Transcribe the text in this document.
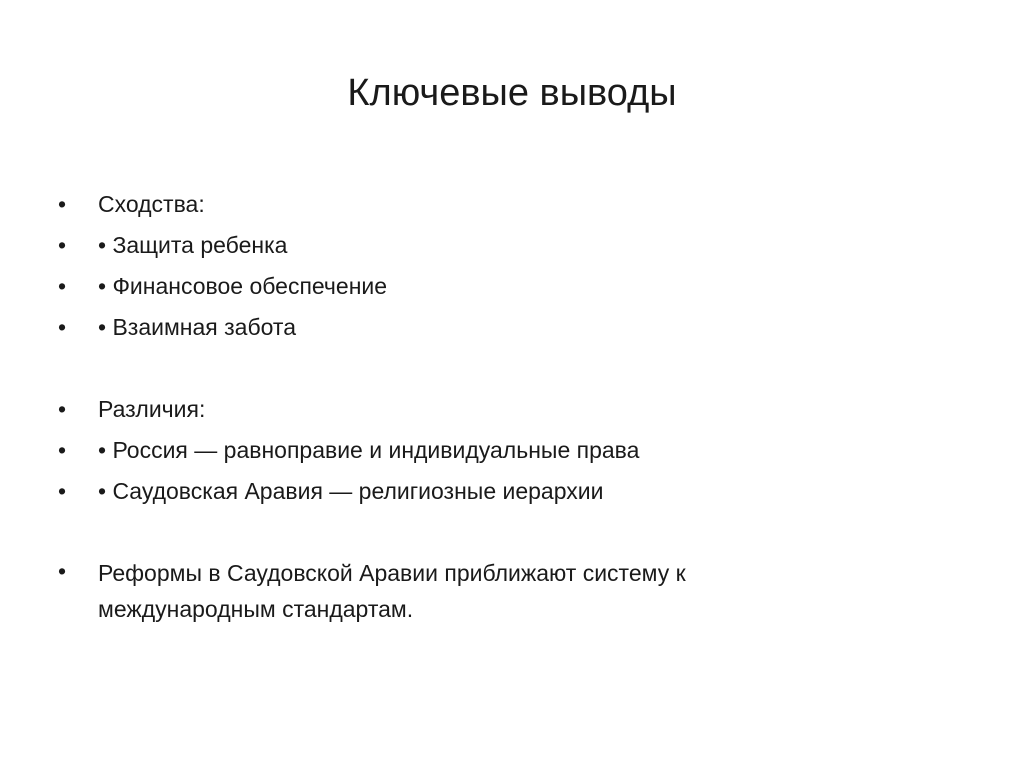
Ключевые выводы
• Сходства:
• • Защита ребенка
• • Финансовое обеспечение
• • Взаимная забота
• Различия:
• • Россия — равноправие и индивидуальные права
• • Саудовская Аравия — религиозные иерархии
• Реформы в Саудовской Аравии приближают систему к международным стандартам.
